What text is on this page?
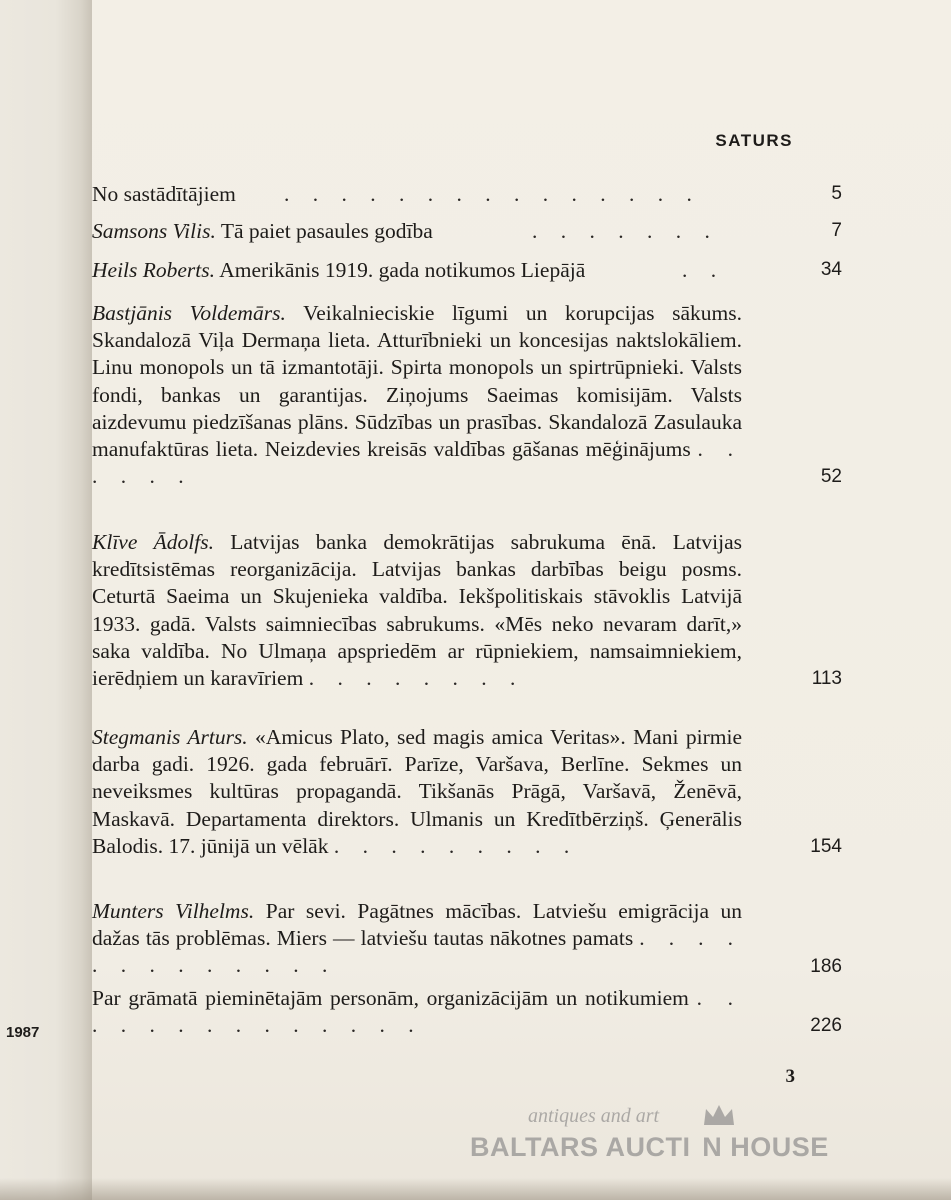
SATURS
No sastādītājiem . . . . . . . . . . . . . . .	5
Samsons Vilis. Tā paiet pasaules godība	. . . . . . .	7
Heils Roberts. Amerikānis 1919. gada notikumos Liepājā	. .	34
Bastjānis Voldemārs. Veikalnieciskie līgumi un korupcijas sākums. Skandalozā Viļa Dermaņa lieta. Atturībnieki un koncesijas naktslokāliem. Linu monopols un tā izmantotāji. Spirta monopols un spirtrūpnieki. Valsts fondi, bankas un garantijas. Ziņojums Saeimas komisijām. Valsts aizdevumu piedzīšanas plāns. Sūdzības un prasības. Skandalozā Zasulauka manufaktūras lieta. Neizdevies kreisās valdības gāšanas mēģinājums . . . . . .	52
Klīve Ādolfs. Latvijas banka demokrātijas sabrukuma ēnā. Latvijas kredītsistēmas reorganizācija. Latvijas bankas darbības beigu posms. Ceturtā Saeima un Skujenieka valdība. Iekšpolitiskais stāvoklis Latvijā 1933. gadā. Valsts saimniecības sabrukums. «Mēs neko nevaram darīt,» saka valdība. No Ulmaņa apspriedēm ar rūpniekiem, namsaimniekiem, ierēdņiem un karavīriem . . . . . . . .	113
Stegmanis Arturs. «Amicus Plato, sed magis amica Veritas». Mani pirmie darba gadi. 1926. gada februārī. Parīze, Varšava, Berlīne. Sekmes un neveiksmes kultūras propagandā. Tikšanās Prāgā, Varšavā, Ženēvā, Maskavā. Departamenta direktors. Ulmanis un Kredītbērziņš. Ģenerālis Balodis. 17. jūnijā un vēlāk . . . . . . . . .	154
Munters Vilhelms. Par sevi. Pagātnes mācības. Latviešu emigrācija un dažas tās problēmas. Miers — latviešu tautas nākotnes pamats . . . . . . . . . . . . .	186
Par grāmatā pieminētajām personām, organizācijām un notikumiem . . . . . . . . . . . . . .	226
1987
3
antiques and art
BALTARS AUCTI  N HOUSE
